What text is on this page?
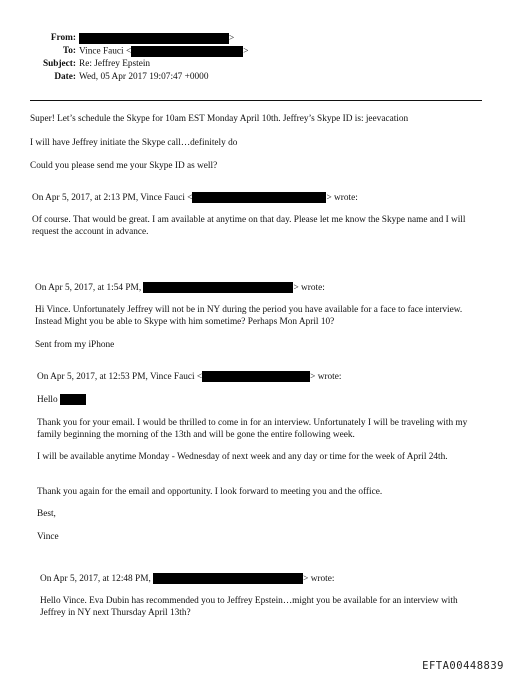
From:	>
To: Vince Fauci <	>
Subject: Re: Jeffrey Epstein
Date: Wed, 05 Apr 2017 19:07:47 +0000
Super! Let’s schedule the Skype for 10am EST Monday April 10th. Jeffrey’s Skype ID is: jeevacation
I will have Jeffrey initiate the Skype call…definitely do
Could you please send me your Skype ID as well?
On Apr 5, 2017, at 2:13 PM, Vince Fauci <	> wrote:
Of course. That would be great. I am available at anytime on that day. Please let me know the Skype name and I will request the account in advance.
On Apr 5, 2017, at 1:54 PM,	> wrote:
Hi Vince. Unfortunately Jeffrey will not be in NY during the period you have available for a face to face interview. Instead Might you be able to Skype with him sometime? Perhaps Mon April 10?
Sent from my iPhone
On Apr 5, 2017, at 12:53 PM, Vince Fauci <	> wrote:
Hello
Thank you for your email. I would be thrilled to come in for an interview. Unfortunately I will be traveling with my family beginning the morning of the 13th and will be gone the entire following week.
I will be available anytime Monday - Wednesday of next week and any day or time for the week of April 24th.
Thank you again for the email and opportunity. I look forward to meeting you and the office.
Best,
Vince
On Apr 5, 2017, at 12:48 PM,	> wrote:
Hello Vince. Eva Dubin has recommended you to Jeffrey Epstein…might you be available for an interview with Jeffrey in NY next Thursday April 13th?
EFTA00448839
